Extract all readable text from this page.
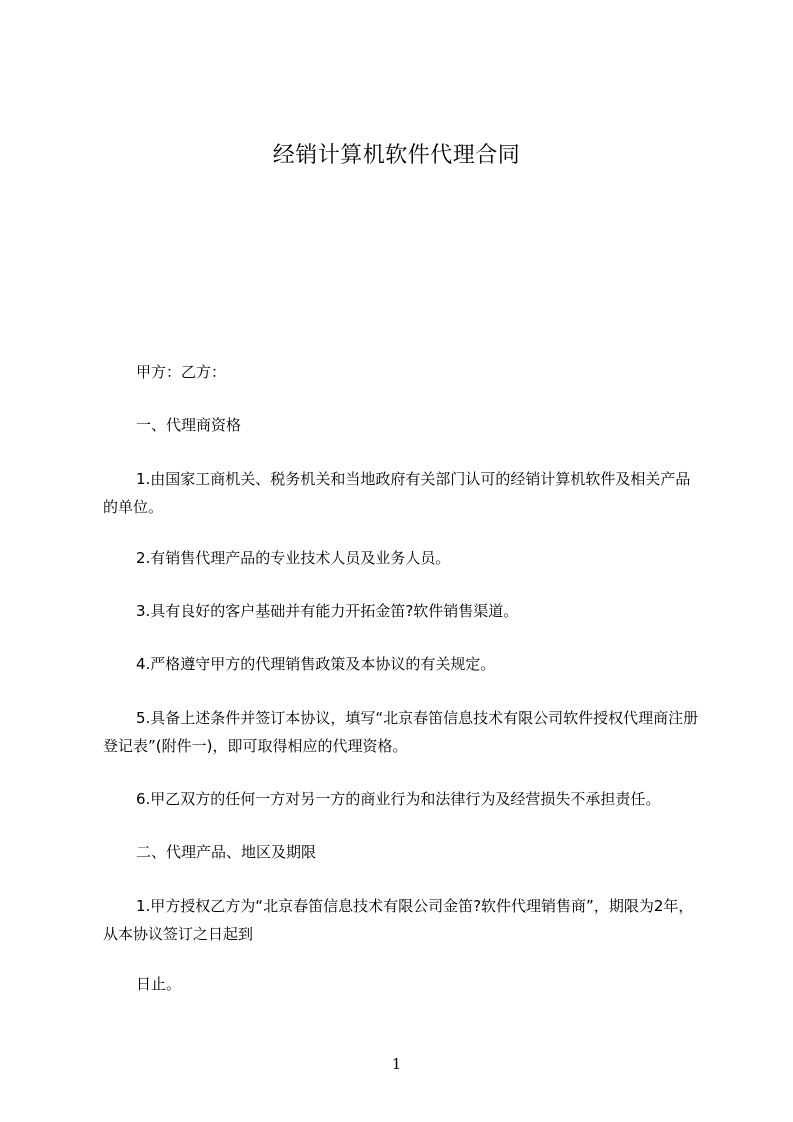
经销计算机软件代理合同
甲方：乙方：
一、代理商资格
1.由国家工商机关、税务机关和当地政府有关部门认可的经销计算机软件及相关产品的单位。
2.有销售代理产品的专业技术人员及业务人员。
3.具有良好的客户基础并有能力开拓金笛?软件销售渠道。
4.严格遵守甲方的代理销售政策及本协议的有关规定。
5.具备上述条件并签订本协议，填写“北京春笛信息技术有限公司软件授权代理商注册登记表”(附件一)，即可取得相应的代理资格。
6.甲乙双方的任何一方对另一方的商业行为和法律行为及经营损失不承担责任。
二、代理产品、地区及期限
1.甲方授权乙方为“北京春笛信息技术有限公司金笛?软件代理销售商”，期限为2年，从本协议签订之日起到
日止。
1
